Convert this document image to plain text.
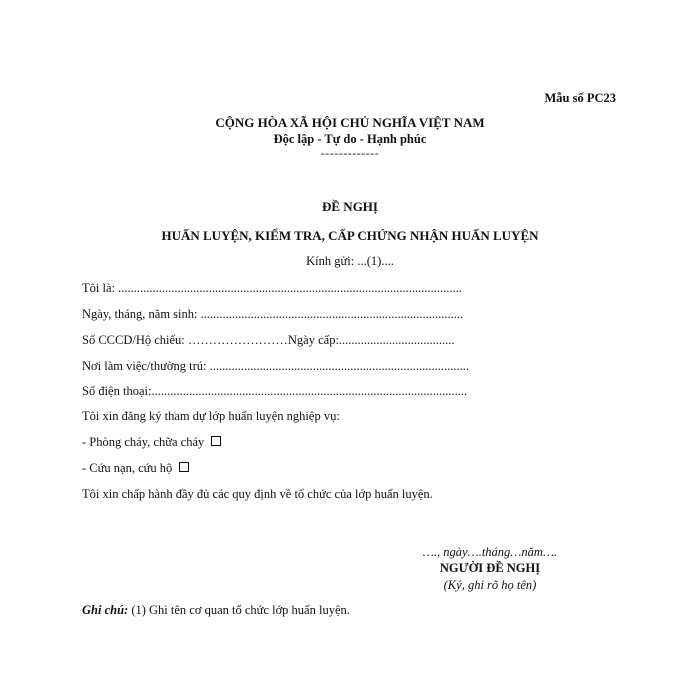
Mẫu số PC23
CỘNG HÒA XÃ HỘI CHỦ NGHĨA VIỆT NAM
Độc lập - Tự do - Hạnh phúc
-------------
ĐỀ NGHỊ
HUẤN LUYỆN, KIỂM TRA, CẤP CHỨNG NHẬN HUẤN LUYỆN
Kính gửi: ...(1)....
Tôi là: ..............................................................................................................
Ngày, tháng, năm sinh: ....................................................................................
Số CCCD/Hộ chiếu: ……………………Ngày cấp:.....................................
Nơi làm việc/thường trú: ...................................................................................
Số điện thoại:.....................................................................................................
Tôi xin đăng ký tham dự lớp huấn luyện nghiệp vụ:
- Phòng cháy, chữa cháy
- Cứu nạn, cứu hộ
Tôi xin chấp hành đầy đủ các quy định về tổ chức của lớp huấn luyện.
…., ngày….tháng…năm….
NGƯỜI ĐỀ NGHỊ
(Ký, ghi rõ họ tên)
Ghi chú: (1) Ghi tên cơ quan tổ chức lớp huấn luyện.
